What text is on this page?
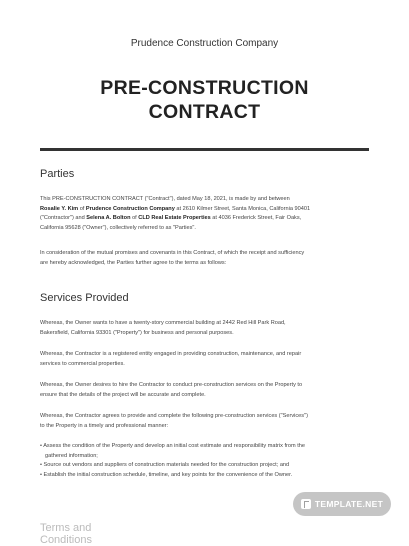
Prudence Construction Company
PRE-CONSTRUCTION
CONTRACT
Parties
This PRE-CONSTRUCTION CONTRACT ("Contract"), dated May 18, 2021, is made by and between
Rosalie Y. Kim of Prudence Construction Company at 2610 Kilmer Street, Santa Monica, California 90401
("Contractor") and Selena A. Bolton of CLD Real Estate Properties at 4036 Frederick Street, Fair Oaks,
California 95628 ("Owner"), collectively referred to as "Parties".
In consideration of the mutual promises and covenants in this Contract, of which the receipt and sufficiency
are hereby acknowledged, the Parties further agree to the terms as follows:
Services Provided
Whereas, the Owner wants to have a twenty-story commercial building at 2442 Red Hill Park Road,
Bakersfield, California 93301 ("Property") for business and personal purposes.
Whereas, the Contractor is a registered entity engaged in providing construction, maintenance, and repair
services to commercial properties.
Whereas, the Owner desires to hire the Contractor to conduct pre-construction services on the Property to
ensure that the details of the project will be accurate and complete.
Whereas, the Contractor agrees to provide and complete the following pre-construction services ("Services")
to the Property in a timely and professional manner:
• Assess the condition of the Property and develop an initial cost estimate and responsibility matrix from the
gathered information;
• Source out vendors and suppliers of construction materials needed for the construction project; and
• Establish the initial construction schedule, timeline, and key points for the convenience of the Owner.
Terms and Conditions
TEMPLATE.NET
